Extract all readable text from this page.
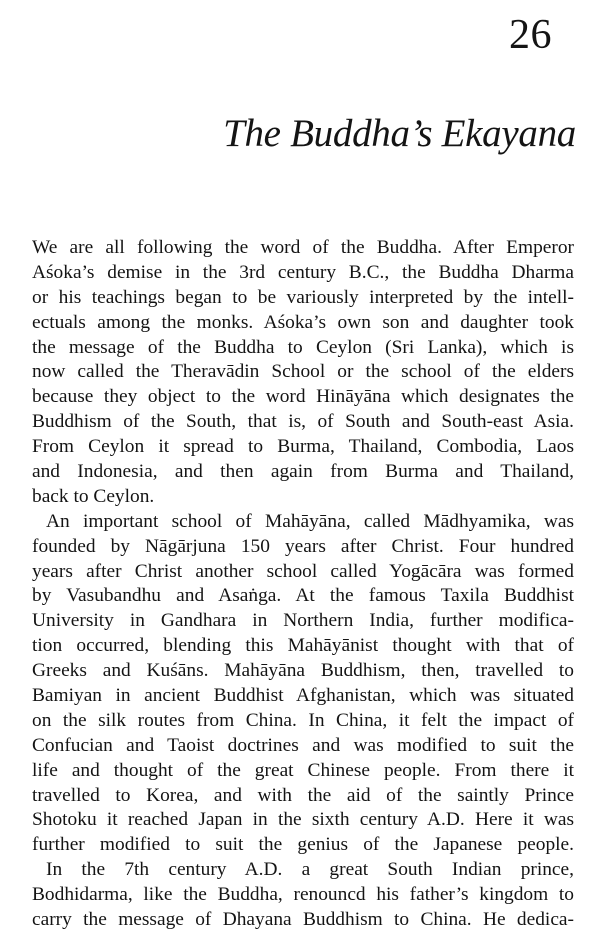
26
The Buddha’s Ekayana
We are all following the word of the Buddha. After Emperor
Aśoka’s demise in the 3rd century B.C., the Buddha Dharma
or his teachings began to be variously interpreted by the intell-
ectuals among the monks. Aśoka’s own son and daughter took
the message of the Buddha to Ceylon (Sri Lanka), which is
now called the Theravādin School or the school of the elders
because they object to the word Hināyāna which designates the
Buddhism of the South, that is, of South and South-east Asia.
From Ceylon it spread to Burma, Thailand, Combodia, Laos
and Indonesia, and then again from Burma and Thailand,
back to Ceylon.
An important school of Mahāyāna, called Mādhyamika, was
founded by Nāgārjuna 150 years after Christ. Four hundred
years after Christ another school called Yogācāra was formed
by Vasubandhu and Asaṅga. At the famous Taxila Buddhist
University in Gandhara in Northern India, further modifica-
tion occurred, blending this Mahāyānist thought with that of
Greeks and Kuśāns. Mahāyāna Buddhism, then, travelled to
Bamiyan in ancient Buddhist Afghanistan, which was situated
on the silk routes from China. In China, it felt the impact of
Confucian and Taoist doctrines and was modified to suit the
life and thought of the great Chinese people. From there it
travelled to Korea, and with the aid of the saintly Prince
Shotoku it reached Japan in the sixth century A.D. Here it was
further modified to suit the genius of the Japanese people.
In the 7th century A.D. a great South Indian prince,
Bodhidarma, like the Buddha, renouncd his father’s kingdom to
carry the message of Dhayana Buddhism to China. He dedica-
